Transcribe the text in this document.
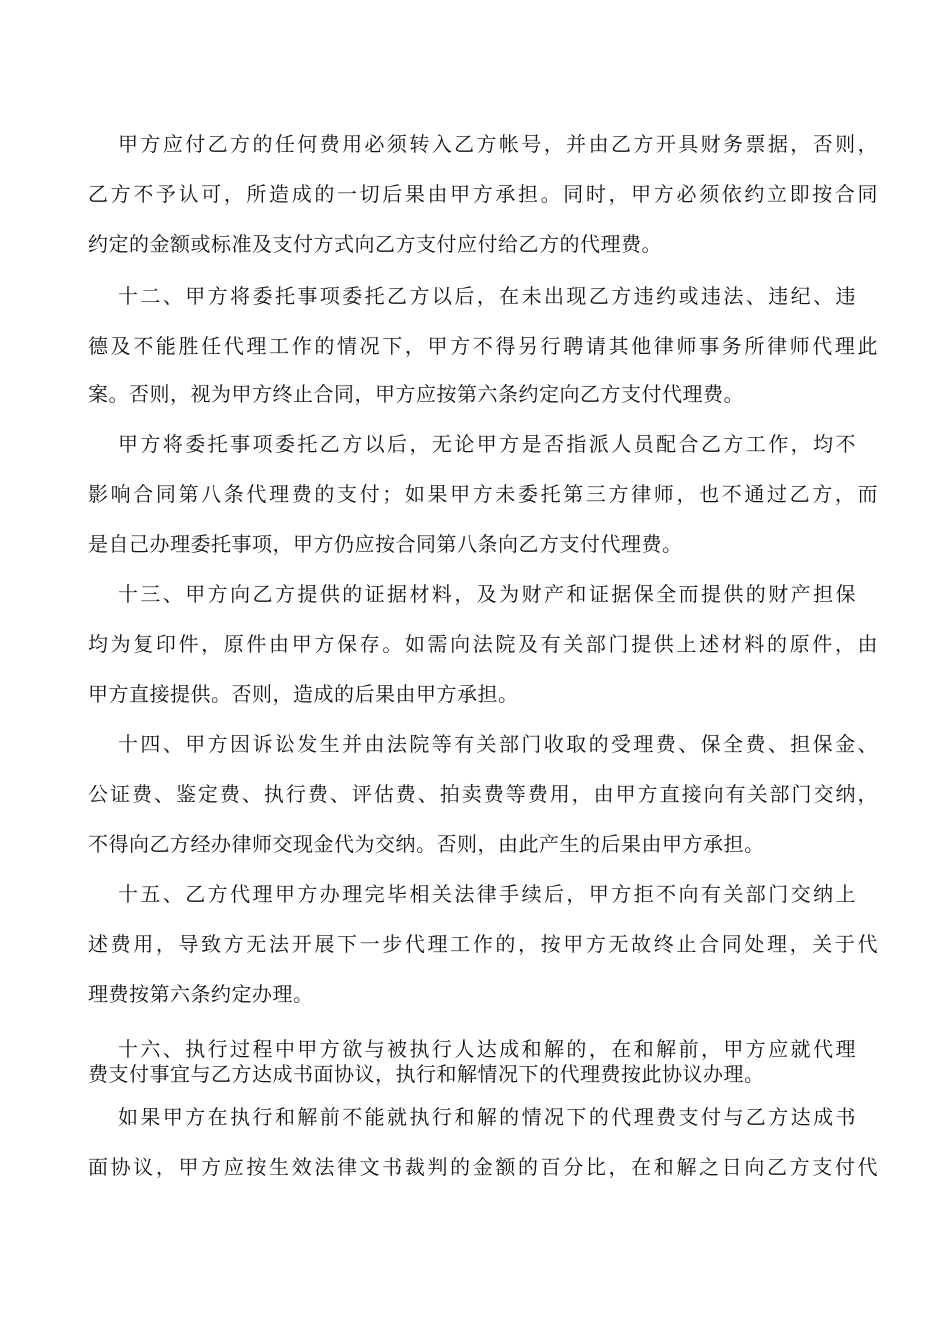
甲方应付乙方的任何费用必须转入乙方帐号，并由乙方开具财务票据，否则，

乙方不予认可，所造成的一切后果由甲方承担。同时，甲方必须依约立即按合同

约定的金额或标准及支付方式向乙方支付应付给乙方的代理费。

十二、甲方将委托事项委托乙方以后，在未出现乙方违约或违法、违纪、违

德及不能胜任代理工作的情况下，甲方不得另行聘请其他律师事务所律师代理此

案。否则，视为甲方终止合同，甲方应按第六条约定向乙方支付代理费。

甲方将委托事项委托乙方以后，无论甲方是否指派人员配合乙方工作，均不

影响合同第八条代理费的支付；如果甲方未委托第三方律师，也不通过乙方，而

是自己办理委托事项，甲方仍应按合同第八条向乙方支付代理费。

十三、甲方向乙方提供的证据材料，及为财产和证据保全而提供的财产担保

均为复印件，原件由甲方保存。如需向法院及有关部门提供上述材料的原件，由

甲方直接提供。否则，造成的后果由甲方承担。

十四、甲方因诉讼发生并由法院等有关部门收取的受理费、保全费、担保金、

公证费、鉴定费、执行费、评估费、拍卖费等费用，由甲方直接向有关部门交纳，

不得向乙方经办律师交现金代为交纳。否则，由此产生的后果由甲方承担。

十五、乙方代理甲方办理完毕相关法律手续后，甲方拒不向有关部门交纳上

述费用，导致方无法开展下一步代理工作的，按甲方无故终止合同处理，关于代

理费按第六条约定办理。

十六、执行过程中甲方欲与被执行人达成和解的，在和解前，甲方应就代理

费支付事宜与乙方达成书面协议，执行和解情况下的代理费按此协议办理。

如果甲方在执行和解前不能就执行和解的情况下的代理费支付与乙方达成书

面协议，甲方应按生效法律文书裁判的金额的百分比，在和解之日向乙方支付代
